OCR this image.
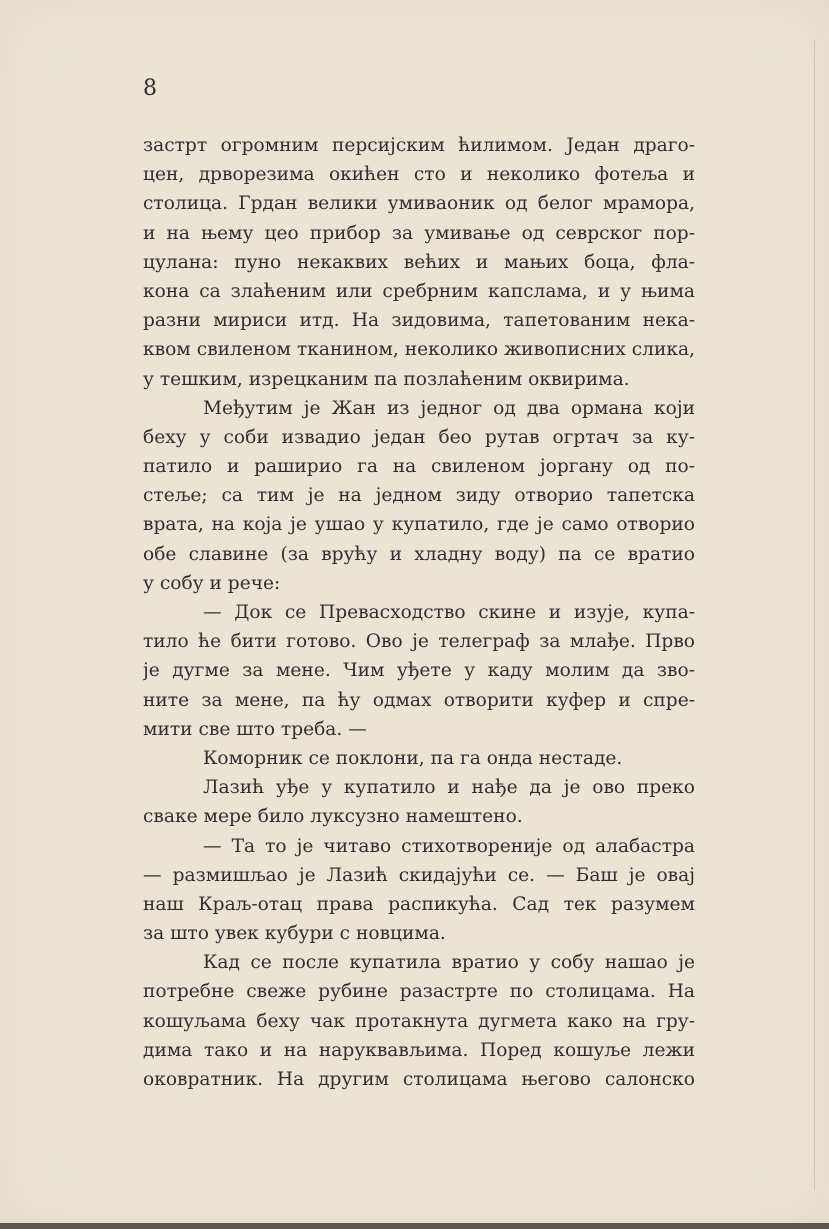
8
застрт огромним персијским ћилимом. Један драго-
цен, дрворезима окићен сто и неколико фотеља и
столица. Грдан велики умиваоник од белог мрамора,
и на њему цео прибор за умивање од севрског пор-
цулана: пуно некаквих већих и мањих боца, фла-
кона са злаћеним или сребрним капслама, и у њима
разни мириси итд. На зидовима, тапетованим нека-
квом свиленом тканином, неколико живописних слика,
у тешким, изрецканим па позлаћеним оквирима.
Међутим је Жан из једног од два ормана који
беху у соби извадио један бео рутав огртач за ку-
патило и раширио га на свиленом јоргану од по-
стеље; са тим је на једном зиду отворио тапетска
врата, на која је ушао у купатило, где је само отворио
обе славине (за врућу и хладну воду) па се вратио
у собу и рече:
— Док се Превасходство скине и изује, купа-
тило ће бити готово. Ово је телеграф за млађе. Прво
је дугме за мене. Чим уђете у каду молим да зво-
ните за мене, па ћу одмах отворити куфер и спре-
мити све што треба. —
Коморник се поклони, па га онда нестаде.
Лазић уђе у купатило и нађе да је ово преко
сваке мере било луксузно намештено.
— Та то је читаво стихотвореније од алабастра
— размишљао је Лазић скидајући се. — Баш је овај
наш Краљ-отац права распикућа. Сад тек разумем
за што увек кубури с новцима.
Кад се после купатила вратио у собу нашао је
потребне свеже рубине разастрте по столицама. На
кошуљама беху чак протакнута дугмета како на гру-
дима тако и на наруквављима. Поред кошуље лежи
оковратник. На другим столицама његово салонско
